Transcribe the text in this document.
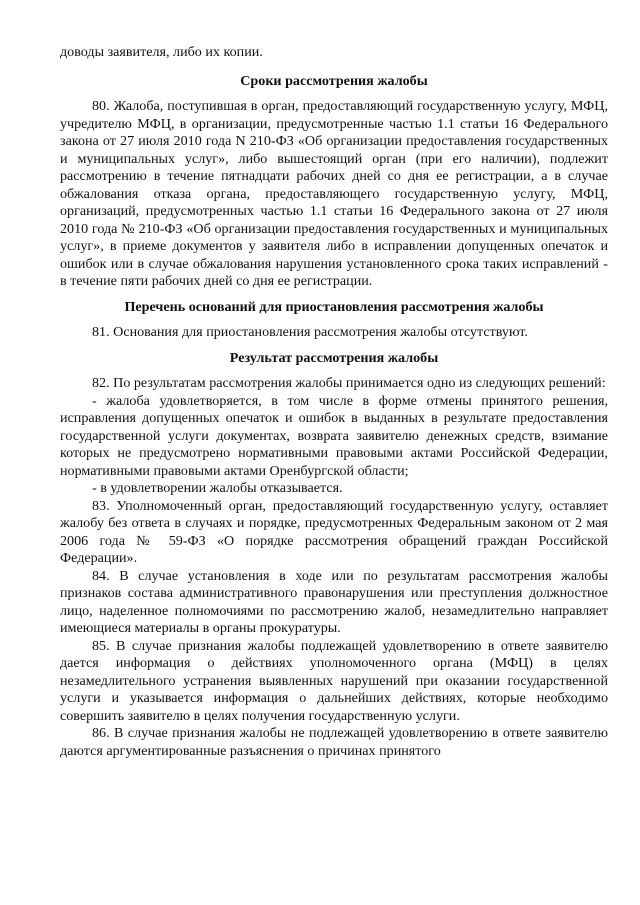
доводы заявителя, либо их копии.

Сроки рассмотрения жалобы

80. Жалоба, поступившая в орган, предоставляющий государственную услугу, МФЦ, учредителю МФЦ, в организации, предусмотренные частью 1.1 статьи 16 Федерального закона от 27 июля 2010 года N 210-ФЗ «Об организации предоставления государственных и муниципальных услуг», либо вышестоящий орган (при его наличии), подлежит рассмотрению в течение пятнадцати рабочих дней со дня ее регистрации, а в случае обжалования отказа органа, предоставляющего государственную услугу, МФЦ, организаций, предусмотренных частью 1.1 статьи 16 Федерального закона от 27 июля 2010 года № 210-ФЗ «Об организации предоставления государственных и муниципальных услуг», в приеме документов у заявителя либо в исправлении допущенных опечаток и ошибок или в случае обжалования нарушения установленного срока таких исправлений - в течение пяти рабочих дней со дня ее регистрации.

Перечень оснований для приостановления рассмотрения жалобы

81. Основания для приостановления рассмотрения жалобы отсутствуют.

Результат рассмотрения жалобы

82. По результатам рассмотрения жалобы принимается одно из следующих решений:

- жалоба удовлетворяется, в том числе в форме отмены принятого решения, исправления допущенных опечаток и ошибок в выданных в результате предоставления государственной услуги документах, возврата заявителю денежных средств, взимание которых не предусмотрено нормативными правовыми актами Российской Федерации, нормативными правовыми актами Оренбургской области;

- в удовлетворении жалобы отказывается.

83. Уполномоченный орган, предоставляющий государственную услугу, оставляет жалобу без ответа в случаях и порядке, предусмотренных Федеральным законом от 2 мая 2006 года № 59-ФЗ «О порядке рассмотрения обращений граждан Российской Федерации».

84. В случае установления в ходе или по результатам рассмотрения жалобы признаков состава административного правонарушения или преступления должностное лицо, наделенное полномочиями по рассмотрению жалоб, незамедлительно направляет имеющиеся материалы в органы прокуратуры.

85. В случае признания жалобы подлежащей удовлетворению в ответе заявителю дается информация о действиях уполномоченного органа (МФЦ) в целях незамедлительного устранения выявленных нарушений при оказании государственной услуги и указывается информация о дальнейших действиях, которые необходимо совершить заявителю в целях получения государственную услуги.

86. В случае признания жалобы не подлежащей удовлетворению в ответе заявителю даются аргументированные разъяснения о причинах принятого
